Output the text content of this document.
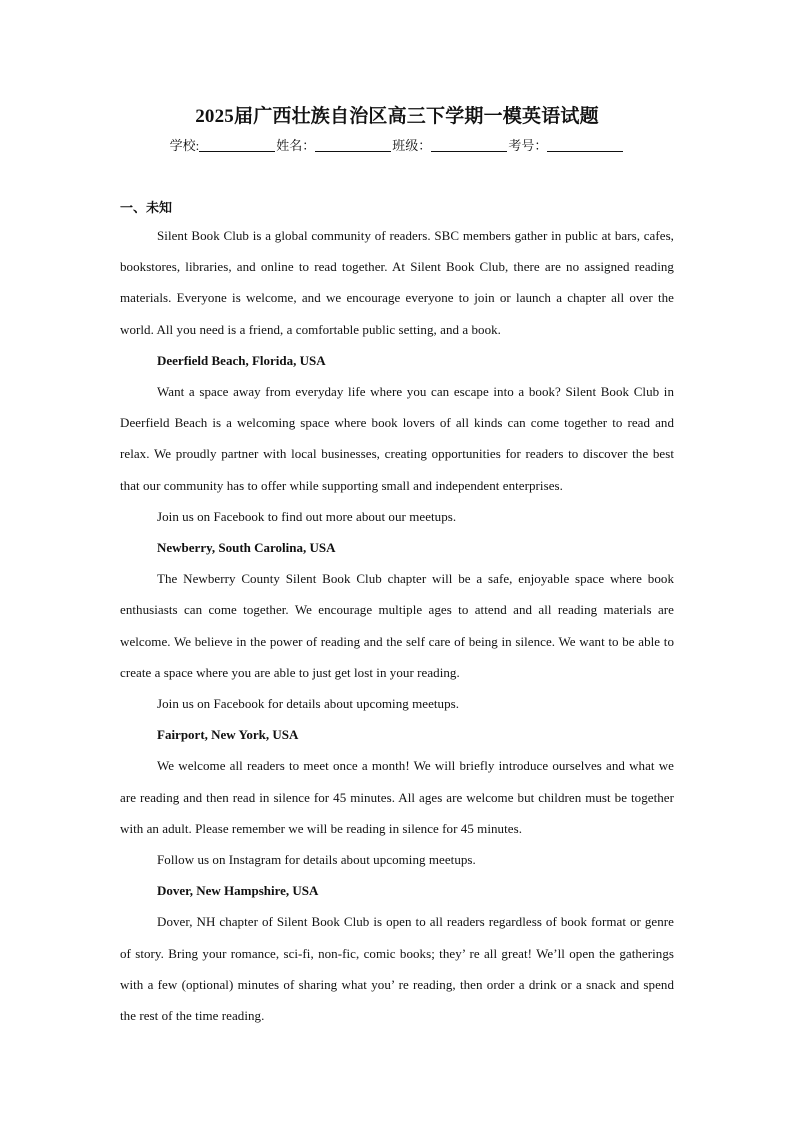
2025届广西壮族自治区高三下学期一模英语试题
学校:	姓名：	班级：	考号：
一、未知

Silent Book Club is a global community of readers. SBC members gather in public at bars, cafes, bookstores, libraries, and online to read together. At Silent Book Club, there are no assigned reading materials. Everyone is welcome, and we encourage everyone to join or launch a chapter all over the world. All you need is a friend, a comfortable public setting, and a book.

Deerfield Beach, Florida, USA

Want a space away from everyday life where you can escape into a book? Silent Book Club in Deerfield Beach is a welcoming space where book lovers of all kinds can come together to read and relax. We proudly partner with local businesses, creating opportunities for readers to discover the best that our community has to offer while supporting small and independent enterprises.

Join us on Facebook to find out more about our meetups.

Newberry, South Carolina, USA

The Newberry County Silent Book Club chapter will be a safe, enjoyable space where book enthusiasts can come together. We encourage multiple ages to attend and all reading materials are welcome. We believe in the power of reading and the self care of being in silence. We want to be able to create a space where you are able to just get lost in your reading.

Join us on Facebook for details about upcoming meetups.

Fairport, New York, USA

We welcome all readers to meet once a month! We will briefly introduce ourselves and what we are reading and then read in silence for 45 minutes. All ages are welcome but children must be together with an adult. Please remember we will be reading in silence for 45 minutes.

Follow us on Instagram for details about upcoming meetups.

Dover, New Hampshire, USA

Dover, NH chapter of Silent Book Club is open to all readers regardless of book format or genre of story. Bring your romance, sci-fi, non-fic, comic books; they’ re all great! We’ll open the gatherings with a few (optional) minutes of sharing what you’ re reading, then order a drink or a snack and spend the rest of the time reading.
